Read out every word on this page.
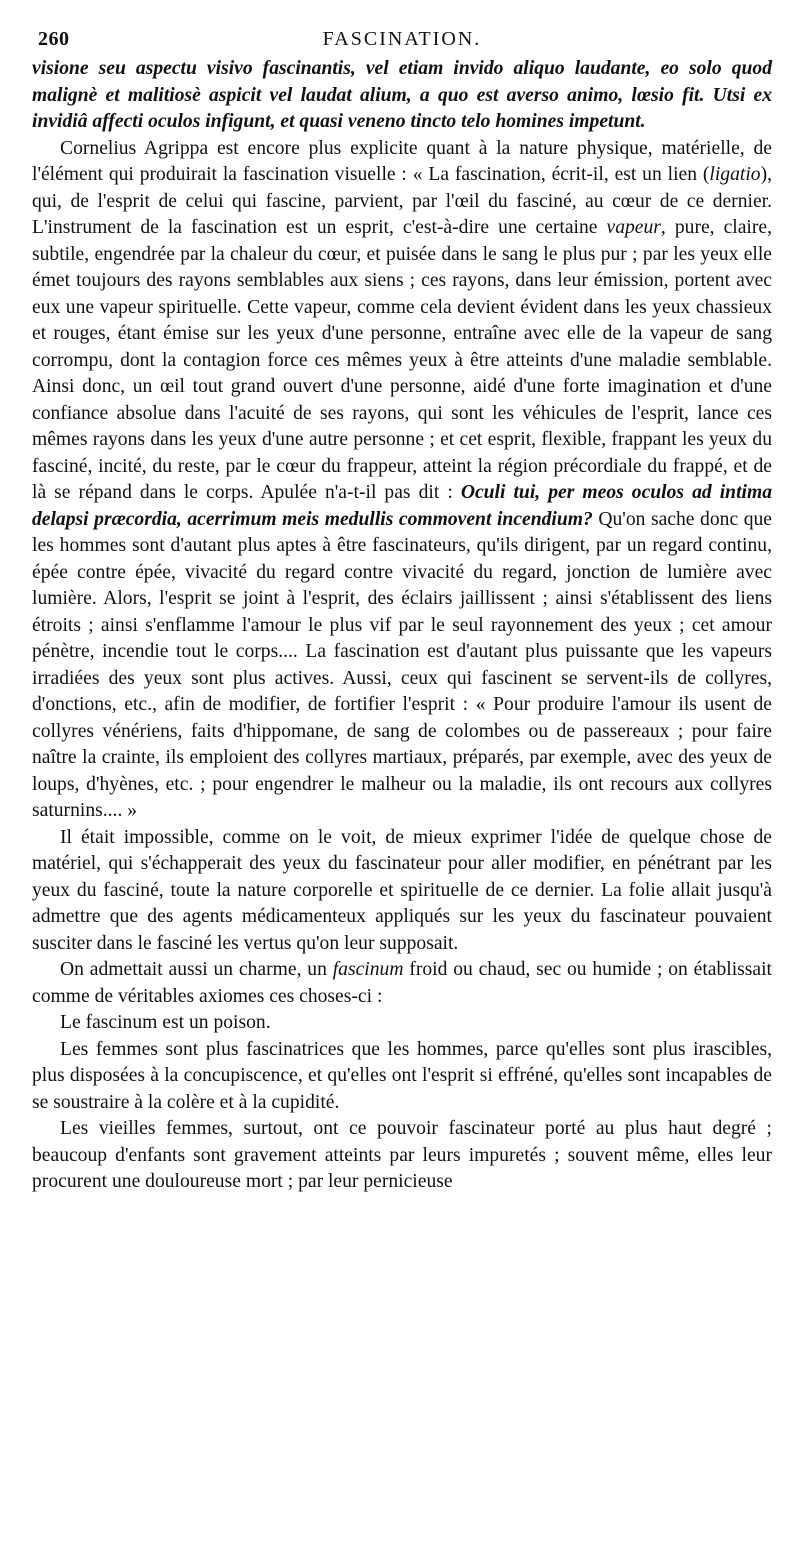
260	FASCINATION.

visione seu aspectu visivo fascinantis, vel etiam invido aliquo laudante, eo solo quod malignè et malitiosè aspicit vel laudat alium, a quo est averso animo, lœsio fit. Utsi ex invidiâ affecti oculos infigunt, et quasi veneno tincto telo homines impetunt.

Cornelius Agrippa est encore plus explicite quant à la nature physique, matérielle, de l'élément qui produirait la fascination visuelle : « La fascination, écrit-il, est un lien (ligatio), qui, de l'esprit de celui qui fascine, parvient, par l'œil du fasciné, au cœur de ce dernier. L'instrument de la fascination est un esprit, c'est-à-dire une certaine vapeur, pure, claire, subtile, engendrée par la chaleur du cœur, et puisée dans le sang le plus pur ; par les yeux elle émet toujours des rayons semblables aux siens ; ces rayons, dans leur émission, portent avec eux une vapeur spirituelle. Cette vapeur, comme cela devient évident dans les yeux chassieux et rouges, étant émise sur les yeux d'une personne, entraîne avec elle de la vapeur de sang corrompu, dont la contagion force ces mêmes yeux à être atteints d'une maladie semblable. Ainsi donc, un œil tout grand ouvert d'une personne, aidé d'une forte imagination et d'une confiance absolue dans l'acuité de ses rayons, qui sont les véhicules de l'esprit, lance ces mêmes rayons dans les yeux d'une autre personne ; et cet esprit, flexible, frappant les yeux du fasciné, incité, du reste, par le cœur du frappeur, atteint la région précordiale du frappé, et de là se répand dans le corps. Apulée n'a-t-il pas dit : Oculi tui, per meos oculos ad intima delapsi præcordia, acerrimum meis medullis commovent incendium? Qu'on sache donc que les hommes sont d'autant plus aptes à être fascinateurs, qu'ils dirigent, par un regard continu, épée contre épée, vivacité du regard contre vivacité du regard, jonction de lumière avec lumière. Alors, l'esprit se joint à l'esprit, des éclairs jaillissent ; ainsi s'établissent des liens étroits ; ainsi s'enflamme l'amour le plus vif par le seul rayonnement des yeux ; cet amour pénètre, incendie tout le corps.... La fascination est d'autant plus puissante que les vapeurs irradiées des yeux sont plus actives. Aussi, ceux qui fascinent se servent-ils de collyres, d'onctions, etc., afin de modifier, de fortifier l'esprit : « Pour produire l'amour ils usent de collyres vénériens, faits d'hippomane, de sang de colombes ou de passereaux ; pour faire naître la crainte, ils emploient des collyres martiaux, préparés, par exemple, avec des yeux de loups, d'hyènes, etc. ; pour engendrer le malheur ou la maladie, ils ont recours aux collyres saturnins.... »

Il était impossible, comme on le voit, de mieux exprimer l'idée de quelque chose de matériel, qui s'échapperait des yeux du fascinateur pour aller modifier, en pénétrant par les yeux du fasciné, toute la nature corporelle et spirituelle de ce dernier. La folie allait jusqu'à admettre que des agents médicamenteux appliqués sur les yeux du fascinateur pouvaient susciter dans le fasciné les vertus qu'on leur supposait.

On admettait aussi un charme, un fascinum froid ou chaud, sec ou humide ; on établissait comme de véritables axiomes ces choses-ci :

Le fascinum est un poison.

Les femmes sont plus fascinatrices que les hommes, parce qu'elles sont plus irascibles, plus disposées à la concupiscence, et qu'elles ont l'esprit si effréné, qu'elles sont incapables de se soustraire à la colère et à la cupidité.

Les vieilles femmes, surtout, ont ce pouvoir fascinateur porté au plus haut degré ; beaucoup d'enfants sont gravement atteints par leurs impuretés ; souvent même, elles leur procurent une douloureuse mort ; par leur pernicieuse
